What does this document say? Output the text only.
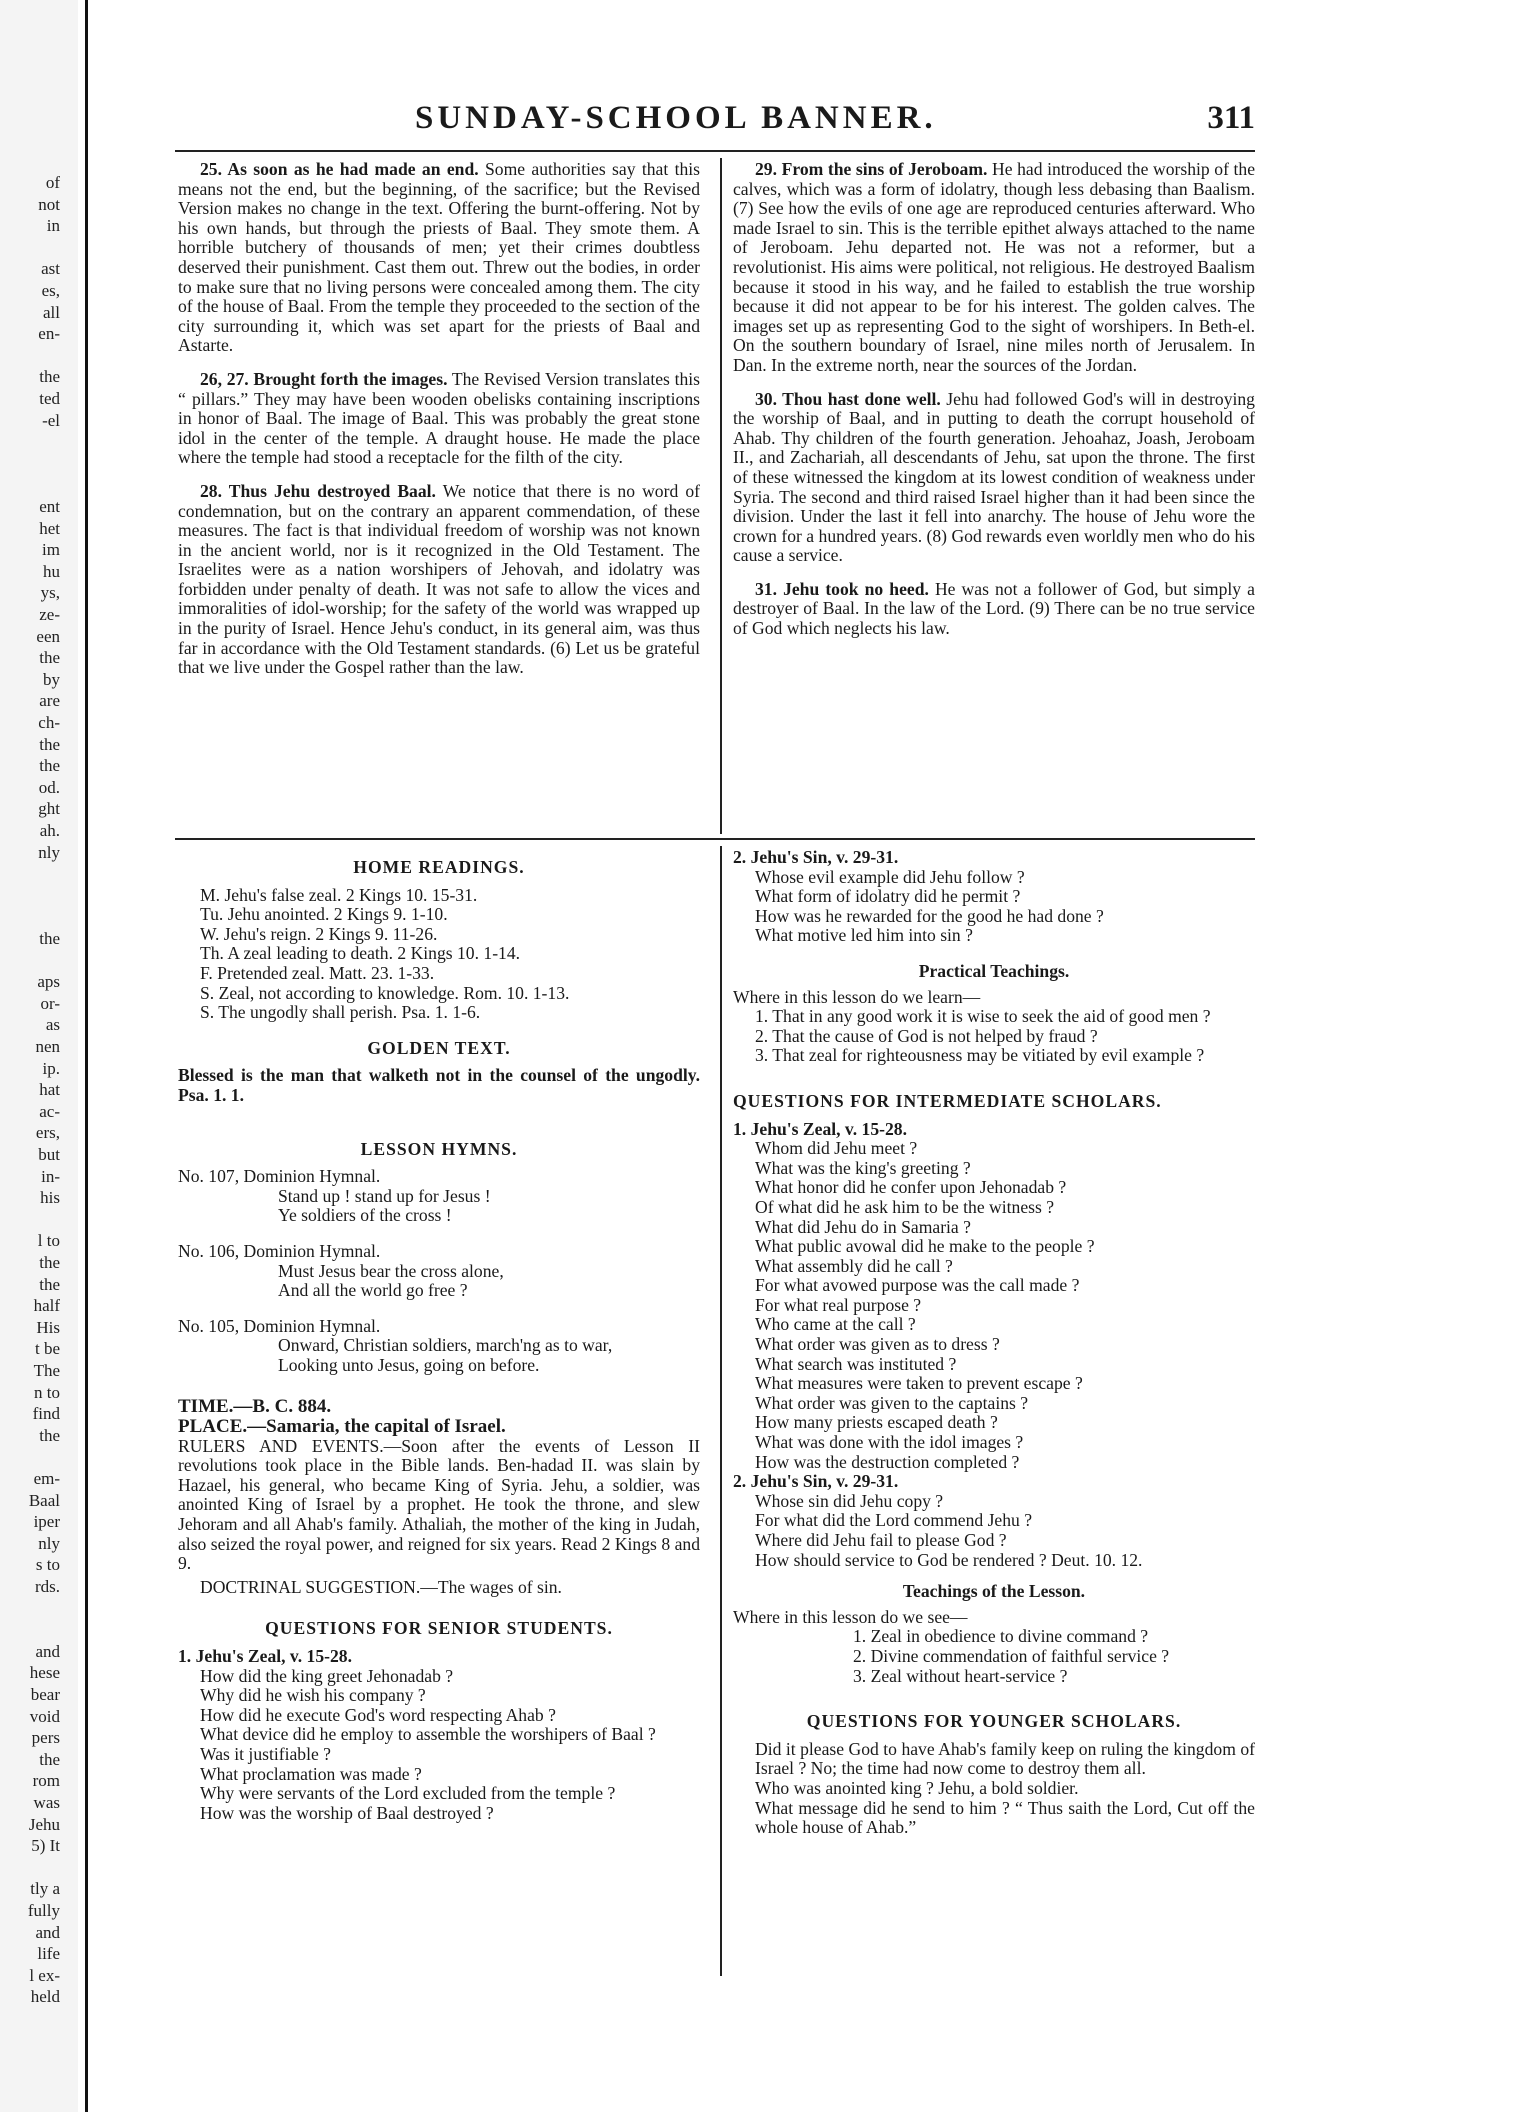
of
not
in
ast
es,
all
en-
the
ted
-el
ent
het
im
hu
ys,
ze-
een
the
by
are
ch-
the
the
od.
ght
ah.
nly
the
aps
or-
as
nen
ip.
hat
ac-
ers,
but
in-
his
l to
the
the
half
His
t be
The
n to
find
the
em-
Baal
iper
nly
s to
rds.
and
hese
bear
void
pers
the
rom
was
Jehu
5) It
tly a
fully
and
life
l ex-
held
SUNDAY-SCHOOL BANNER.	311

25. As soon as he had made an end. Some authorities say that this means not the end, but the beginning, of the sacrifice; but the Revised Version makes no change in the text. Offering the burnt-offering. Not by his own hands, but through the priests of Baal. They smote them. A horrible butchery of thousands of men; yet their crimes doubtless deserved their punishment. Cast them out. Threw out the bodies, in order to make sure that no living persons were concealed among them. The city of the house of Baal. From the temple they proceeded to the section of the city surrounding it, which was set apart for the priests of Baal and Astarte.

26, 27. Brought forth the images. The Revised Version translates this “ pillars.” They may have been wooden obelisks containing inscriptions in honor of Baal. The image of Baal. This was probably the great stone idol in the center of the temple. A draught house. He made the place where the temple had stood a receptacle for the filth of the city.

28. Thus Jehu destroyed Baal. We notice that there is no word of condemnation, but on the contrary an apparent commendation, of these measures. The fact is that individual freedom of worship was not known in the ancient world, nor is it recognized in the Old Testament. The Israelites were as a nation worshipers of Jehovah, and idolatry was forbidden under penalty of death. It was not safe to allow the vices and immoralities of idol-worship; for the safety of the world was wrapped up in the purity of Israel. Hence Jehu's conduct, in its general aim, was thus far in accordance with the Old Testament standards. (6) Let us be grateful that we live under the Gospel rather than the law.

29. From the sins of Jeroboam. He had introduced the worship of the calves, which was a form of idolatry, though less debasing than Baalism. (7) See how the evils of one age are reproduced centuries afterward. Who made Israel to sin. This is the terrible epithet always attached to the name of Jeroboam. Jehu departed not. He was not a reformer, but a revolutionist. His aims were political, not religious. He destroyed Baalism because it stood in his way, and he failed to establish the true worship because it did not appear to be for his interest. The golden calves. The images set up as representing God to the sight of worshipers. In Beth-el. On the southern boundary of Israel, nine miles north of Jerusalem. In Dan. In the extreme north, near the sources of the Jordan.

30. Thou hast done well. Jehu had followed God's will in destroying the worship of Baal, and in putting to death the corrupt household of Ahab. Thy children of the fourth generation. Jehoahaz, Joash, Jeroboam II., and Zachariah, all descendants of Jehu, sat upon the throne. The first of these witnessed the kingdom at its lowest condition of weakness under Syria. The second and third raised Israel higher than it had been since the division. Under the last it fell into anarchy. The house of Jehu wore the crown for a hundred years. (8) God rewards even worldly men who do his cause a service.

31. Jehu took no heed. He was not a follower of God, but simply a destroyer of Baal. In the law of the Lord. (9) There can be no true service of God which neglects his law.

HOME READINGS.
M. Jehu's false zeal. 2 Kings 10. 15-31.
Tu. Jehu anointed. 2 Kings 9. 1-10.
W. Jehu's reign. 2 Kings 9. 11-26.
Th. A zeal leading to death. 2 Kings 10. 1-14.
F. Pretended zeal. Matt. 23. 1-33.
S. Zeal, not according to knowledge. Rom. 10. 1-13.
S. The ungodly shall perish. Psa. 1. 1-6.
GOLDEN TEXT.
Blessed is the man that walketh not in the counsel of the ungodly. Psa. 1. 1.
LESSON HYMNS.
No. 107, Dominion Hymnal.
Stand up ! stand up for Jesus !
Ye soldiers of the cross !
No. 106, Dominion Hymnal.
Must Jesus bear the cross alone,
And all the world go free ?
No. 105, Dominion Hymnal.
Onward, Christian soldiers, march'ng as to war,
Looking unto Jesus, going on before.
TIME.—B. C. 884.
PLACE.—Samaria, the capital of Israel.
RULERS AND EVENTS.—Soon after the events of Lesson II revolutions took place in the Bible lands. Ben-hadad II. was slain by Hazael, his general, who became King of Syria. Jehu, a soldier, was anointed King of Israel by a prophet. He took the throne, and slew Jehoram and all Ahab's family. Athaliah, the mother of the king in Judah, also seized the royal power, and reigned for six years. Read 2 Kings 8 and 9.
DOCTRINAL SUGGESTION.—The wages of sin.
QUESTIONS FOR SENIOR STUDENTS.
1. Jehu's Zeal, v. 15-28.
How did the king greet Jehonadab ?
Why did he wish his company ?
How did he execute God's word respecting Ahab ?
What device did he employ to assemble the worshipers of Baal ?
Was it justifiable ?
What proclamation was made ?
Why were servants of the Lord excluded from the temple ?
How was the worship of Baal destroyed ?
2. Jehu's Sin, v. 29-31.
Whose evil example did Jehu follow ?
What form of idolatry did he permit ?
How was he rewarded for the good he had done ?
What motive led him into sin ?
Practical Teachings.
Where in this lesson do we learn—
1. That in any good work it is wise to seek the aid of good men ?
2. That the cause of God is not helped by fraud ?
3. That zeal for righteousness may be vitiated by evil example ?
QUESTIONS FOR INTERMEDIATE SCHOLARS.
1. Jehu's Zeal, v. 15-28.
Whom did Jehu meet ?
What was the king's greeting ?
What honor did he confer upon Jehonadab ?
Of what did he ask him to be the witness ?
What did Jehu do in Samaria ?
What public avowal did he make to the people ?
What assembly did he call ?
For what avowed purpose was the call made ?
For what real purpose ?
Who came at the call ?
What order was given as to dress ?
What search was instituted ?
What measures were taken to prevent escape ?
What order was given to the captains ?
How many priests escaped death ?
What was done with the idol images ?
How was the destruction completed ?
2. Jehu's Sin, v. 29-31.
Whose sin did Jehu copy ?
For what did the Lord commend Jehu ?
Where did Jehu fail to please God ?
How should service to God be rendered ? Deut. 10. 12.
Teachings of the Lesson.
Where in this lesson do we see—
1. Zeal in obedience to divine command ?
2. Divine commendation of faithful service ?
3. Zeal without heart-service ?
QUESTIONS FOR YOUNGER SCHOLARS.
Did it please God to have Ahab's family keep on ruling the kingdom of Israel ? No; the time had now come to destroy them all.
Who was anointed king ? Jehu, a bold soldier.
What message did he send to him ? “ Thus saith the Lord, Cut off the whole house of Ahab.”
